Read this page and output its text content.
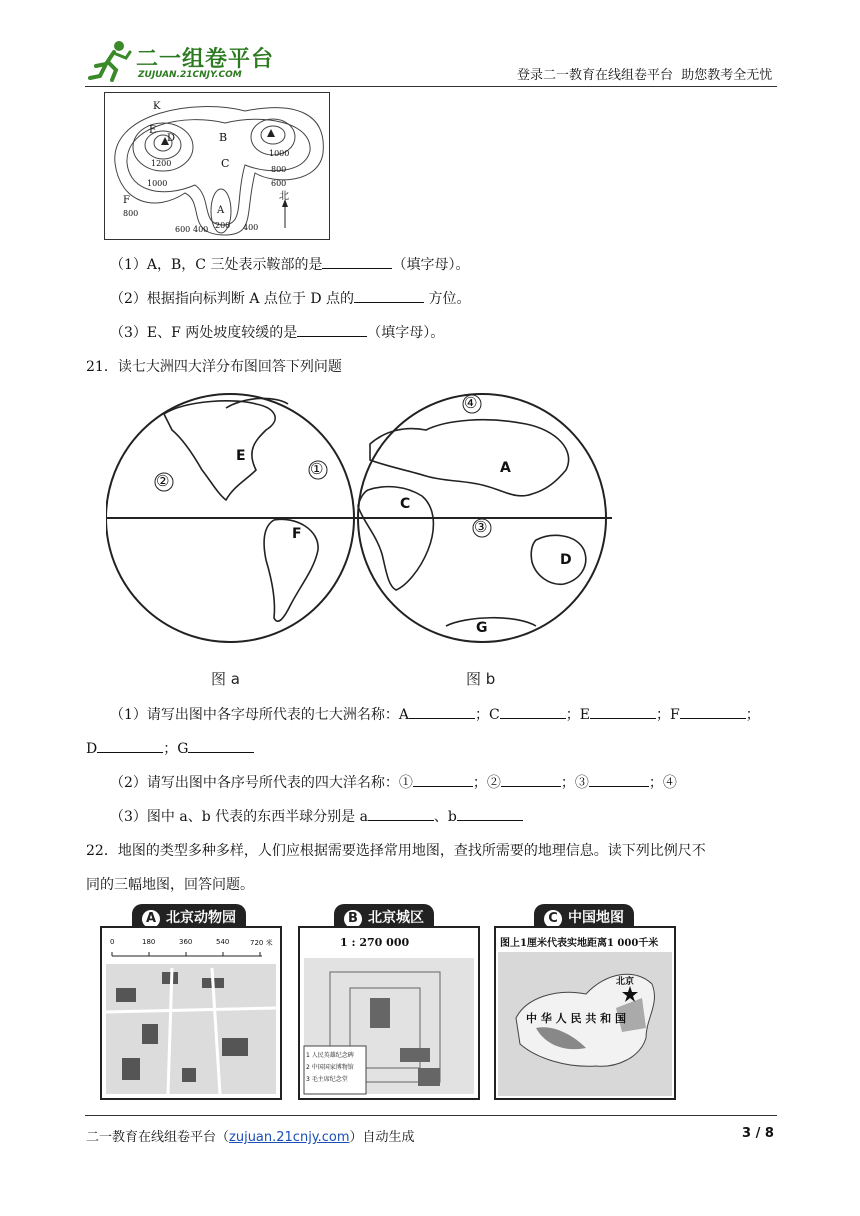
二一组卷平台
ZUJUAN.21CNJY.COM	登录二一教育在线组卷平台  助您教考全无忧
K
E
D	B
C
A
F
1200
1000
800
1000
800
600
600 400 200 400
北
（1）A，B，C 三处表示鞍部的是	（填字母）。
（2）根据指向标判断 A 点位于 D 点的	方位。
（3）E、F 两处坡度较缓的是	（填字母）。
21．读七大洲四大洋分布图回答下列问题
E
F
A
C
D
G
①
②
③
④
图 a	图 b
（1）请写出图中各字母所代表的七大洲名称：A	；C	；E	；F	；
D	；G
（2）请写出图中各序号所代表的四大洋名称：①	；②	；③	；④
（3）图中 a、b 代表的东西半球分别是 a	、b
22．地图的类型多种多样，人们应根据需要选择常用地图，查找所需要的地理信息。读下列比例尺不
同的三幅地图，回答问题。
A 北京动物园
0	180	360	540	720 米
B 北京城区
1 : 270 000
1 人民英雄纪念碑
2 中国国家博物馆
3 毛主席纪念堂
C 中国地图
图上1厘米代表实地距离1 000千米
北京
中 华 人 民 共 和 国
二一教育在线组卷平台（zujuan.21cnjy.com）自动生成	3 / 8
